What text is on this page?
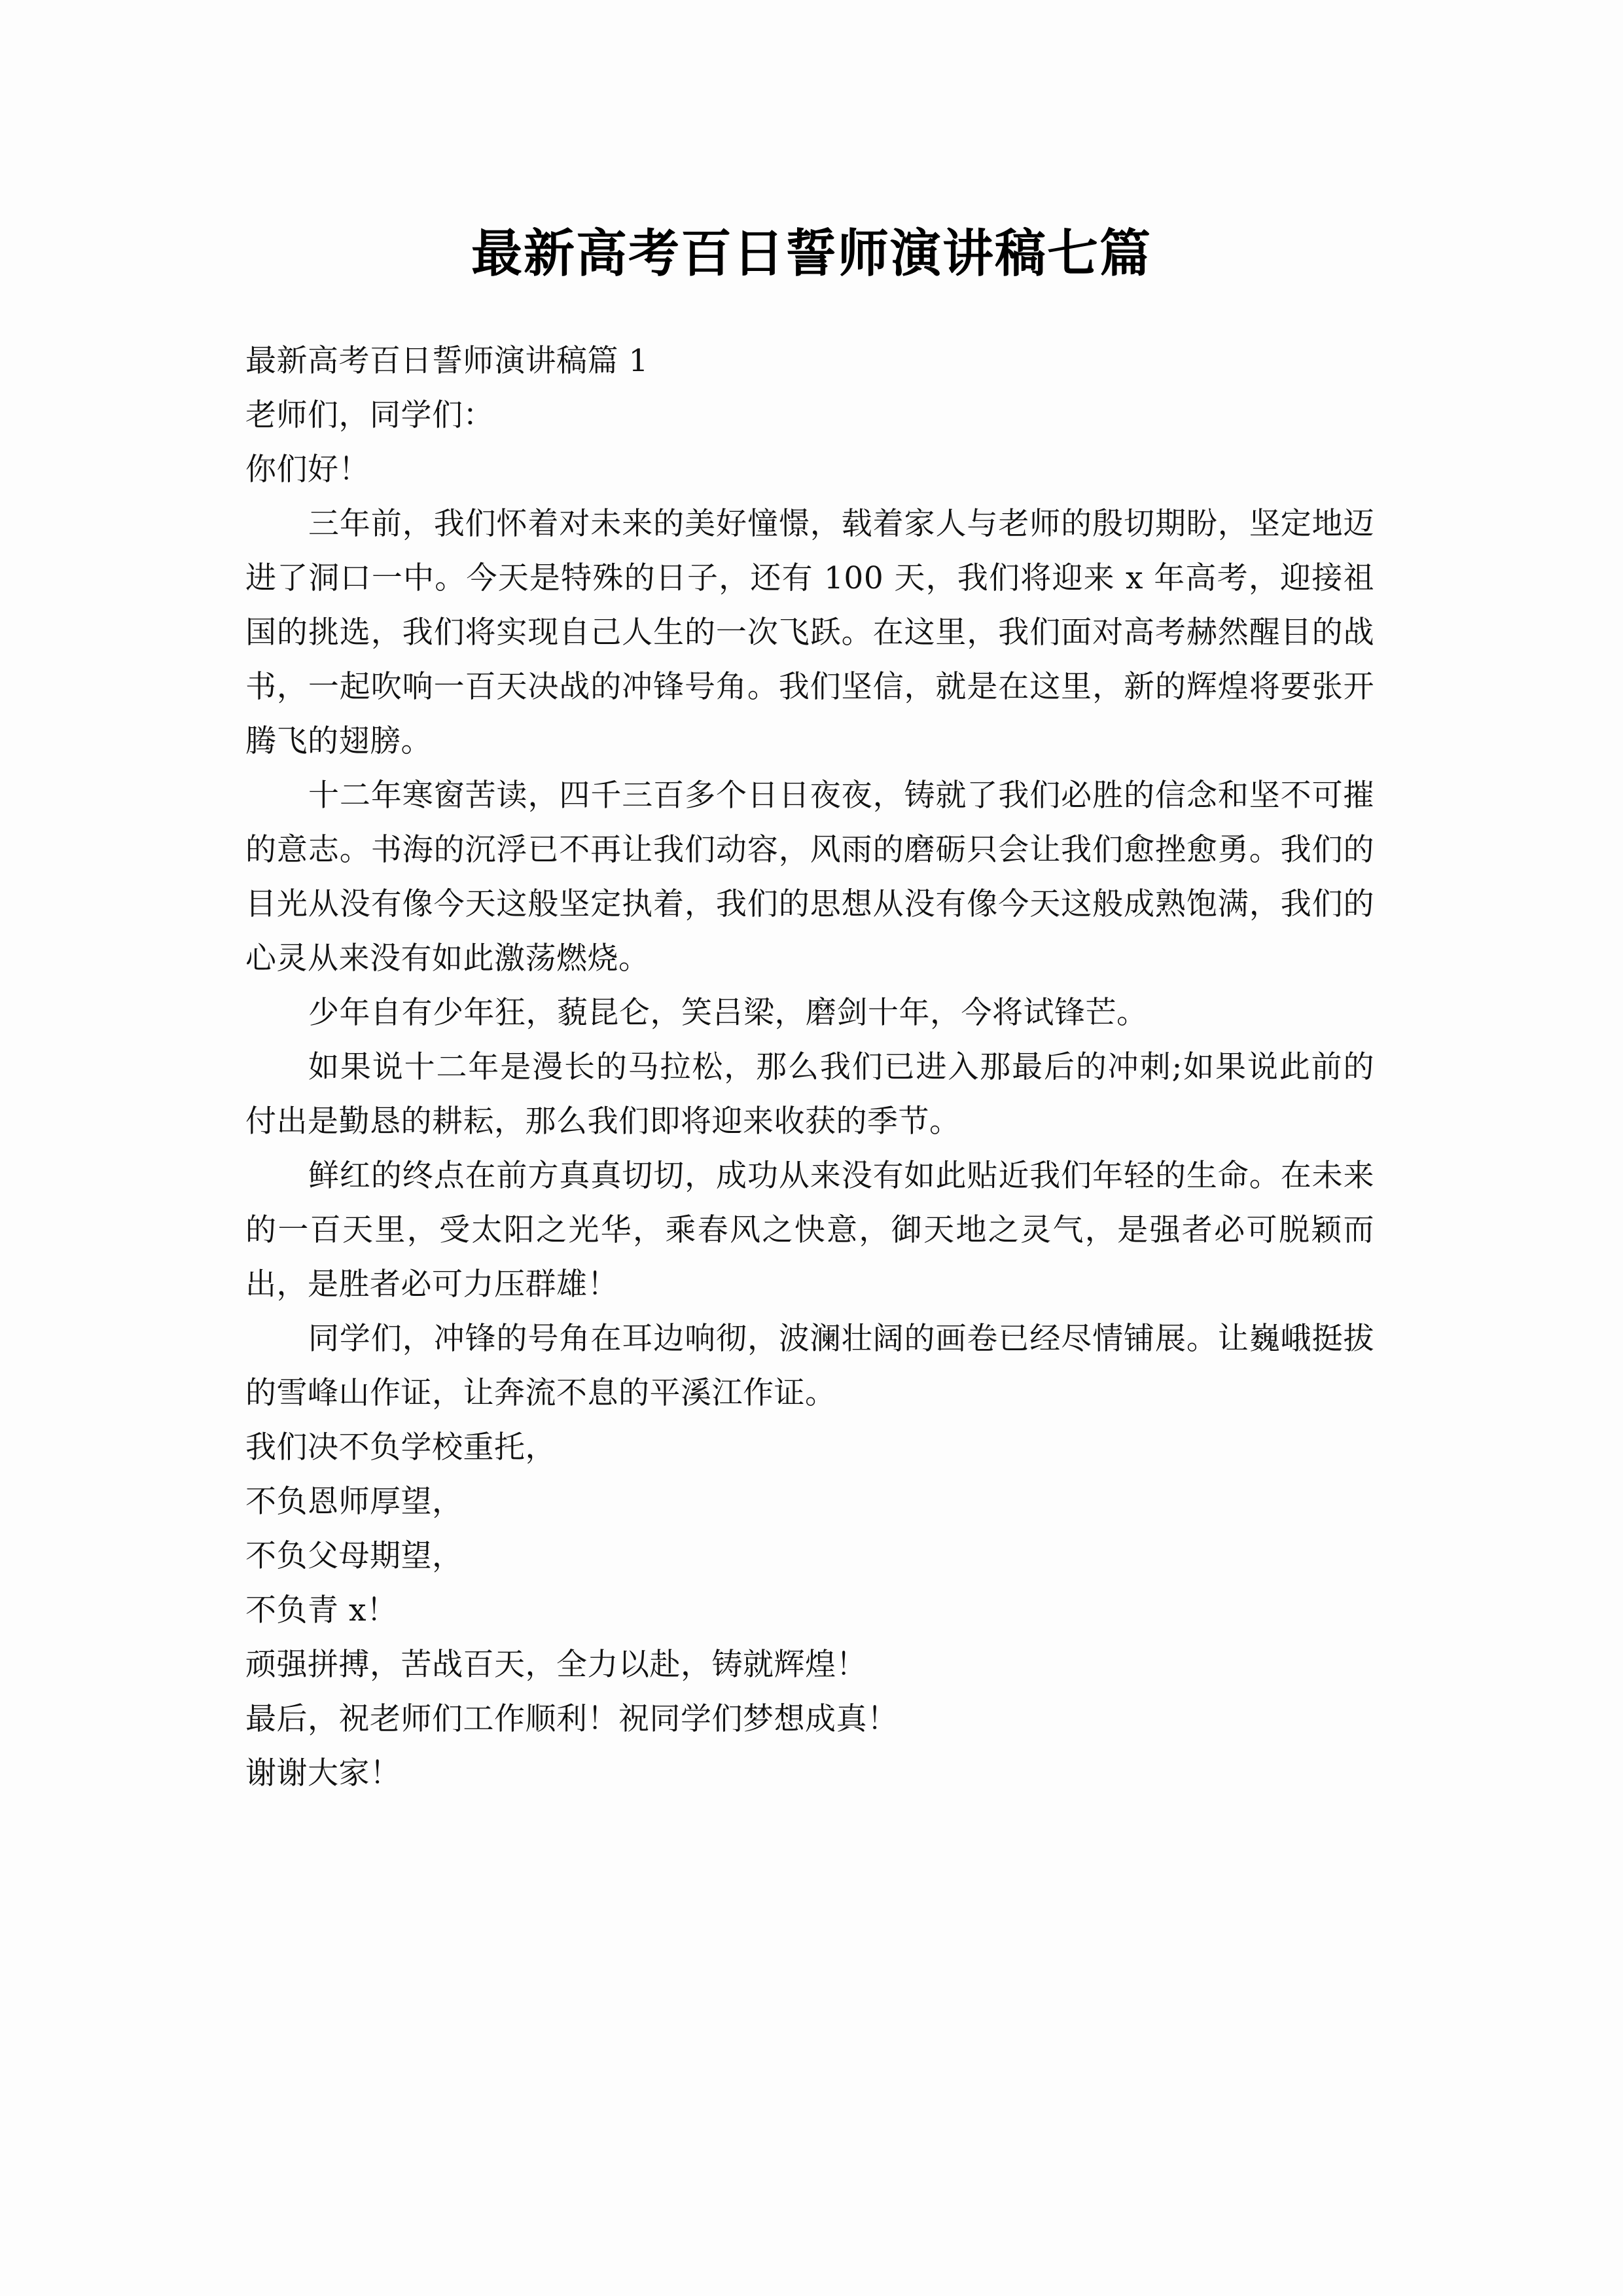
最新高考百日誓师演讲稿七篇

最新高考百日誓师演讲稿篇 1

老师们，同学们：

你们好！

三年前，我们怀着对未来的美好憧憬，载着家人与老师的殷切期盼，坚定地迈进了洞口一中。今天是特殊的日子，还有 100 天，我们将迎来 x 年高考，迎接祖国的挑选，我们将实现自己人生的一次飞跃。在这里，我们面对高考赫然醒目的战书，一起吹响一百天决战的冲锋号角。我们坚信，就是在这里，新的辉煌将要张开腾飞的翅膀。

十二年寒窗苦读，四千三百多个日日夜夜，铸就了我们必胜的信念和坚不可摧的意志。书海的沉浮已不再让我们动容，风雨的磨砺只会让我们愈挫愈勇。我们的目光从没有像今天这般坚定执着，我们的思想从没有像今天这般成熟饱满，我们的心灵从来没有如此激荡燃烧。

少年自有少年狂，藐昆仑，笑吕梁，磨剑十年，今将试锋芒。

如果说十二年是漫长的马拉松，那么我们已进入那最后的冲刺;如果说此前的付出是勤恳的耕耘，那么我们即将迎来收获的季节。

鲜红的终点在前方真真切切，成功从来没有如此贴近我们年轻的生命。在未来的一百天里，受太阳之光华，乘春风之快意，御天地之灵气，是强者必可脱颖而出，是胜者必可力压群雄！

同学们，冲锋的号角在耳边响彻，波澜壮阔的画卷已经尽情铺展。让巍峨挺拔的雪峰山作证，让奔流不息的平溪江作证。

我们决不负学校重托，

不负恩师厚望，

不负父母期望，

不负青 x！

顽强拼搏，苦战百天，全力以赴，铸就辉煌！

最后，祝老师们工作顺利！祝同学们梦想成真！

谢谢大家！
